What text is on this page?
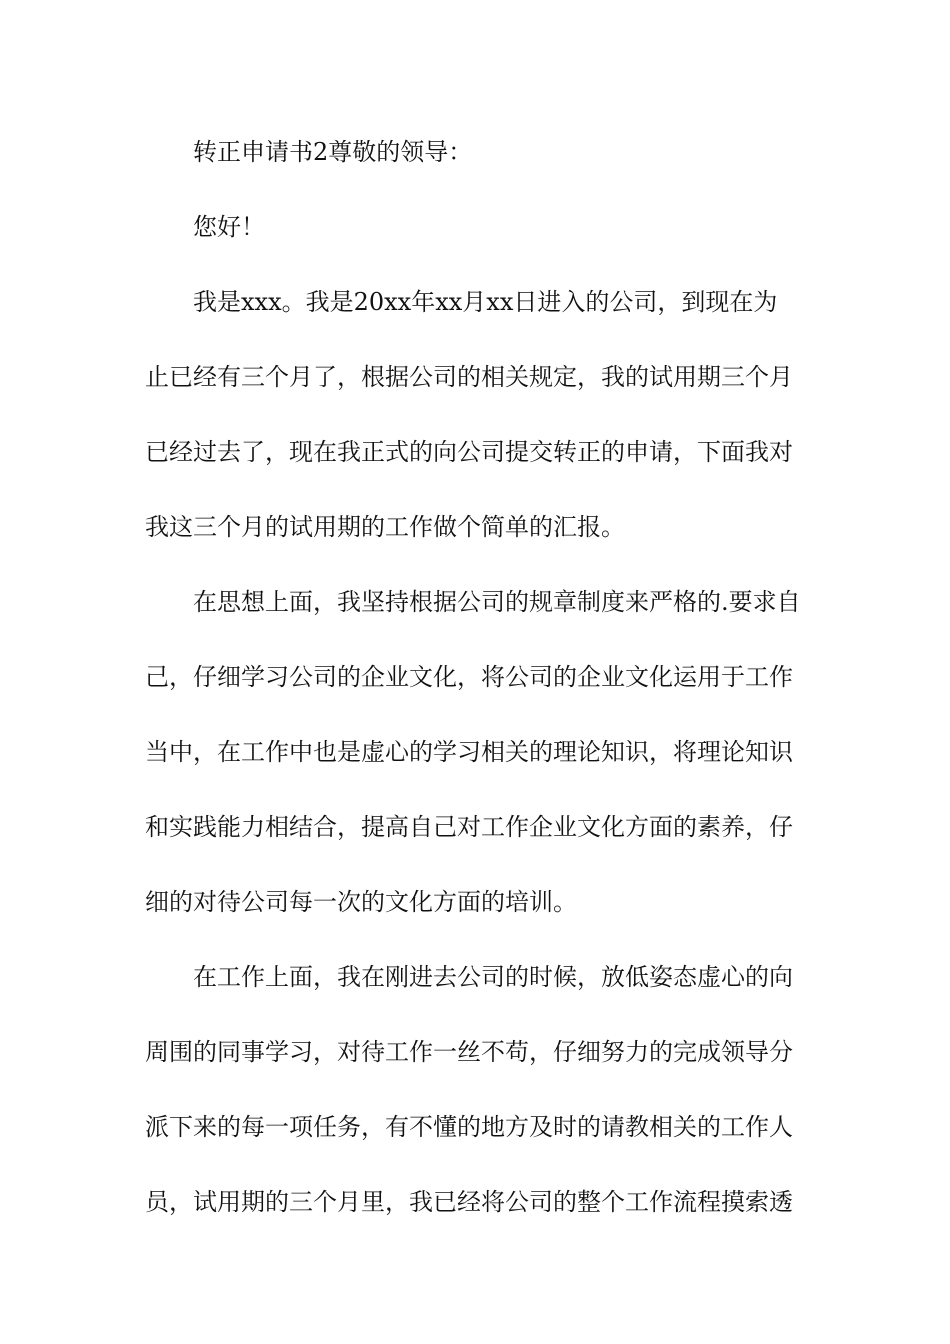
转正申请书2尊敬的领导：

您好！

我是xxx。我是20xx年xx月xx日进入的公司，到现在为

止已经有三个月了，根据公司的相关规定，我的试用期三个月

已经过去了，现在我正式的向公司提交转正的申请，下面我对

我这三个月的试用期的工作做个简单的汇报。

在思想上面，我坚持根据公司的规章制度来严格的.要求自

己，仔细学习公司的企业文化，将公司的企业文化运用于工作

当中，在工作中也是虚心的学习相关的理论知识，将理论知识

和实践能力相结合，提高自己对工作企业文化方面的素养，仔

细的对待公司每一次的文化方面的培训。

在工作上面，我在刚进去公司的时候，放低姿态虚心的向

周围的同事学习，对待工作一丝不苟，仔细努力的完成领导分

派下来的每一项任务，有不懂的地方及时的请教相关的工作人

员，试用期的三个月里，我已经将公司的整个工作流程摸索透
